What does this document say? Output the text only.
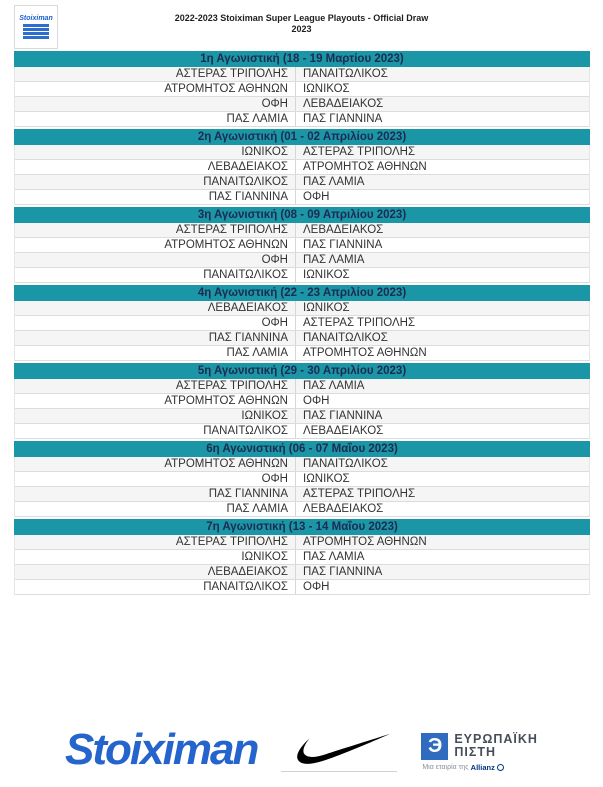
Stoiximan	2022-2023 Stoiximan Super League Playouts - Official Draw
2023
1η Αγωνιστική (18 - 19 Μαρτίου 2023)
ΑΣΤΕΡΑΣ ΤΡΙΠΟΛΗΣ	ΠΑΝΑΙΤΩΛΙΚΟΣ
ΑΤΡΟΜΗΤΟΣ ΑΘΗΝΩΝ	ΙΩΝΙΚΟΣ
ΟΦΗ	ΛΕΒΑΔΕΙΑΚΟΣ
ΠΑΣ ΛΑΜΙΑ	ΠΑΣ ΓΙΑΝΝΙΝΑ
2η Αγωνιστική (01 - 02 Απριλίου 2023)
ΙΩΝΙΚΟΣ	ΑΣΤΕΡΑΣ ΤΡΙΠΟΛΗΣ
ΛΕΒΑΔΕΙΑΚΟΣ	ΑΤΡΟΜΗΤΟΣ ΑΘΗΝΩΝ
ΠΑΝΑΙΤΩΛΙΚΟΣ	ΠΑΣ ΛΑΜΙΑ
ΠΑΣ ΓΙΑΝΝΙΝΑ	ΟΦΗ
3η Αγωνιστική (08 - 09 Απριλίου 2023)
ΑΣΤΕΡΑΣ ΤΡΙΠΟΛΗΣ	ΛΕΒΑΔΕΙΑΚΟΣ
ΑΤΡΟΜΗΤΟΣ ΑΘΗΝΩΝ	ΠΑΣ ΓΙΑΝΝΙΝΑ
ΟΦΗ	ΠΑΣ ΛΑΜΙΑ
ΠΑΝΑΙΤΩΛΙΚΟΣ	ΙΩΝΙΚΟΣ
4η Αγωνιστική (22 - 23 Απριλίου 2023)
ΛΕΒΑΔΕΙΑΚΟΣ	ΙΩΝΙΚΟΣ
ΟΦΗ	ΑΣΤΕΡΑΣ ΤΡΙΠΟΛΗΣ
ΠΑΣ ΓΙΑΝΝΙΝΑ	ΠΑΝΑΙΤΩΛΙΚΟΣ
ΠΑΣ ΛΑΜΙΑ	ΑΤΡΟΜΗΤΟΣ ΑΘΗΝΩΝ
5η Αγωνιστική (29 - 30 Απριλίου 2023)
ΑΣΤΕΡΑΣ ΤΡΙΠΟΛΗΣ	ΠΑΣ ΛΑΜΙΑ
ΑΤΡΟΜΗΤΟΣ ΑΘΗΝΩΝ	ΟΦΗ
ΙΩΝΙΚΟΣ	ΠΑΣ ΓΙΑΝΝΙΝΑ
ΠΑΝΑΙΤΩΛΙΚΟΣ	ΛΕΒΑΔΕΙΑΚΟΣ
6η Αγωνιστική (06 - 07 Μαΐου 2023)
ΑΤΡΟΜΗΤΟΣ ΑΘΗΝΩΝ	ΠΑΝΑΙΤΩΛΙΚΟΣ
ΟΦΗ	ΙΩΝΙΚΟΣ
ΠΑΣ ΓΙΑΝΝΙΝΑ	ΑΣΤΕΡΑΣ ΤΡΙΠΟΛΗΣ
ΠΑΣ ΛΑΜΙΑ	ΛΕΒΑΔΕΙΑΚΟΣ
7η Αγωνιστική (13 - 14 Μαΐου 2023)
ΑΣΤΕΡΑΣ ΤΡΙΠΟΛΗΣ	ΑΤΡΟΜΗΤΟΣ ΑΘΗΝΩΝ
ΙΩΝΙΚΟΣ	ΠΑΣ ΛΑΜΙΑ
ΛΕΒΑΔΕΙΑΚΟΣ	ΠΑΣ ΓΙΑΝΝΙΝΑ
ΠΑΝΑΙΤΩΛΙΚΟΣ	ΟΦΗ
Stoiximan	Є ΕΥΡΩΠΑΪΚΗ
ΠΙΣΤΗ
Μια εταιρία της Allianz
